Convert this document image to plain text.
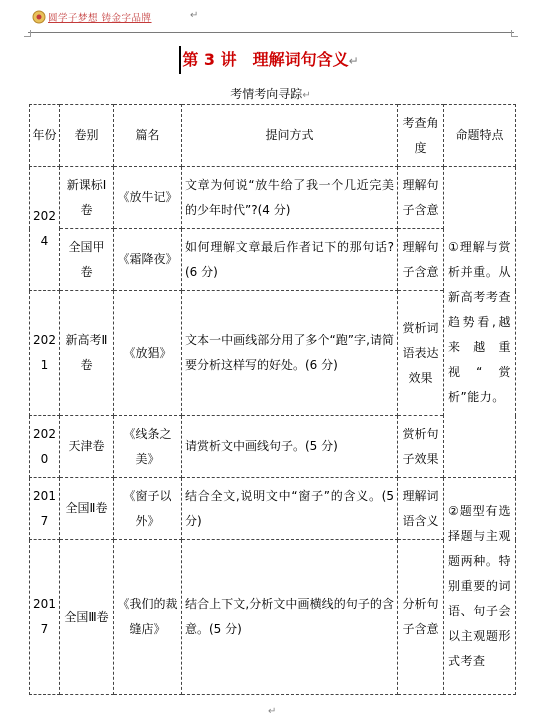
圆学子梦想 铸金字品牌	↵
第 3 讲　理解词句含义↵
考情考向寻踪↵
年份	卷别	篇名	提问方式	考查角度	命题特点
2024	新课标Ⅰ卷	《放牛记》	文章为何说“放牛给了我一个几近完美的少年时代”?(4 分)	理解句子含意	①理解与赏析并重。从新高考考查趋势看,越来越重视“赏析”能力。
	全国甲卷	《霜降夜》	如何理解文章最后作者记下的那句话?(6 分)	理解句子含意	
2021	新高考Ⅱ卷	《放猖》	文本一中画线部分用了多个“跑”字,请简要分析这样写的好处。(6 分)	赏析词语表达效果	
2020	天津卷	《线条之美》	请赏析文中画线句子。(5 分)	赏析句子效果	
2017	全国Ⅱ卷	《窗子以外》	结合全文,说明文中“窗子”的含义。(5 分)	理解词语含义	②题型有选择题与主观题两种。特别重要的词语、句子会以主观题形式考查
2017	全国Ⅲ卷	《我们的裁缝店》	结合上下文,分析文中画横线的句子的含意。(5 分)	分析句子含意	
↵
